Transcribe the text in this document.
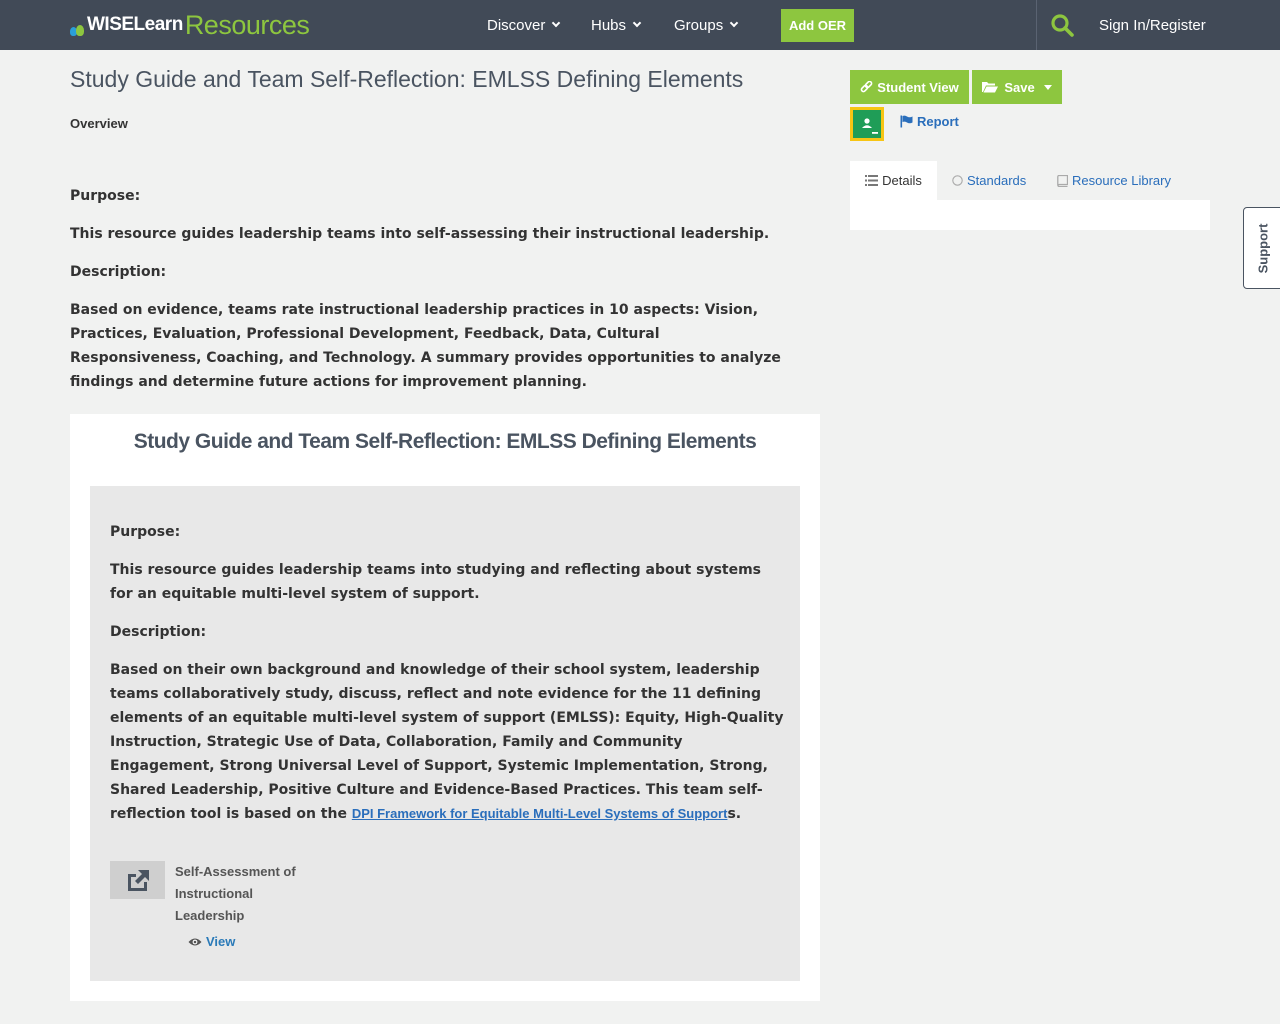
WISELearn Resources	Discover	Hubs	Groups	Add OER	Sign In/Register
Study Guide and Team Self-Reflection: EMLSS Defining Elements
Overview
Purpose:
This resource guides leadership teams into self-assessing their instructional leadership.
Description:
Based on evidence, teams rate instructional leadership practices in 10 aspects: Vision, Practices, Evaluation, Professional Development, Feedback, Data, Cultural Responsiveness, Coaching, and Technology. A summary provides opportunities to analyze findings and determine future actions for improvement planning.
Study Guide and Team Self-Reflection: EMLSS Defining Elements
Purpose:
This resource guides leadership teams into studying and reflecting about systems for an equitable multi-level system of support.
Description:
Based on their own background and knowledge of their school system, leadership teams collaboratively study, discuss, reflect and note evidence for the 11 defining elements of an equitable multi-level system of support (EMLSS): Equity, High-Quality Instruction, Strategic Use of Data, Collaboration, Family and Community Engagement, Strong Universal Level of Support, Systemic Implementation, Strong, Shared Leadership, Positive Culture and Evidence-Based Practices. This team self-reflection tool is based on the DPI Framework for Equitable Multi-Level Systems of Supports.
Self-Assessment of Instructional Leadership
View
Student View	Save
Report
Details	Standards	Resource Library
Support
